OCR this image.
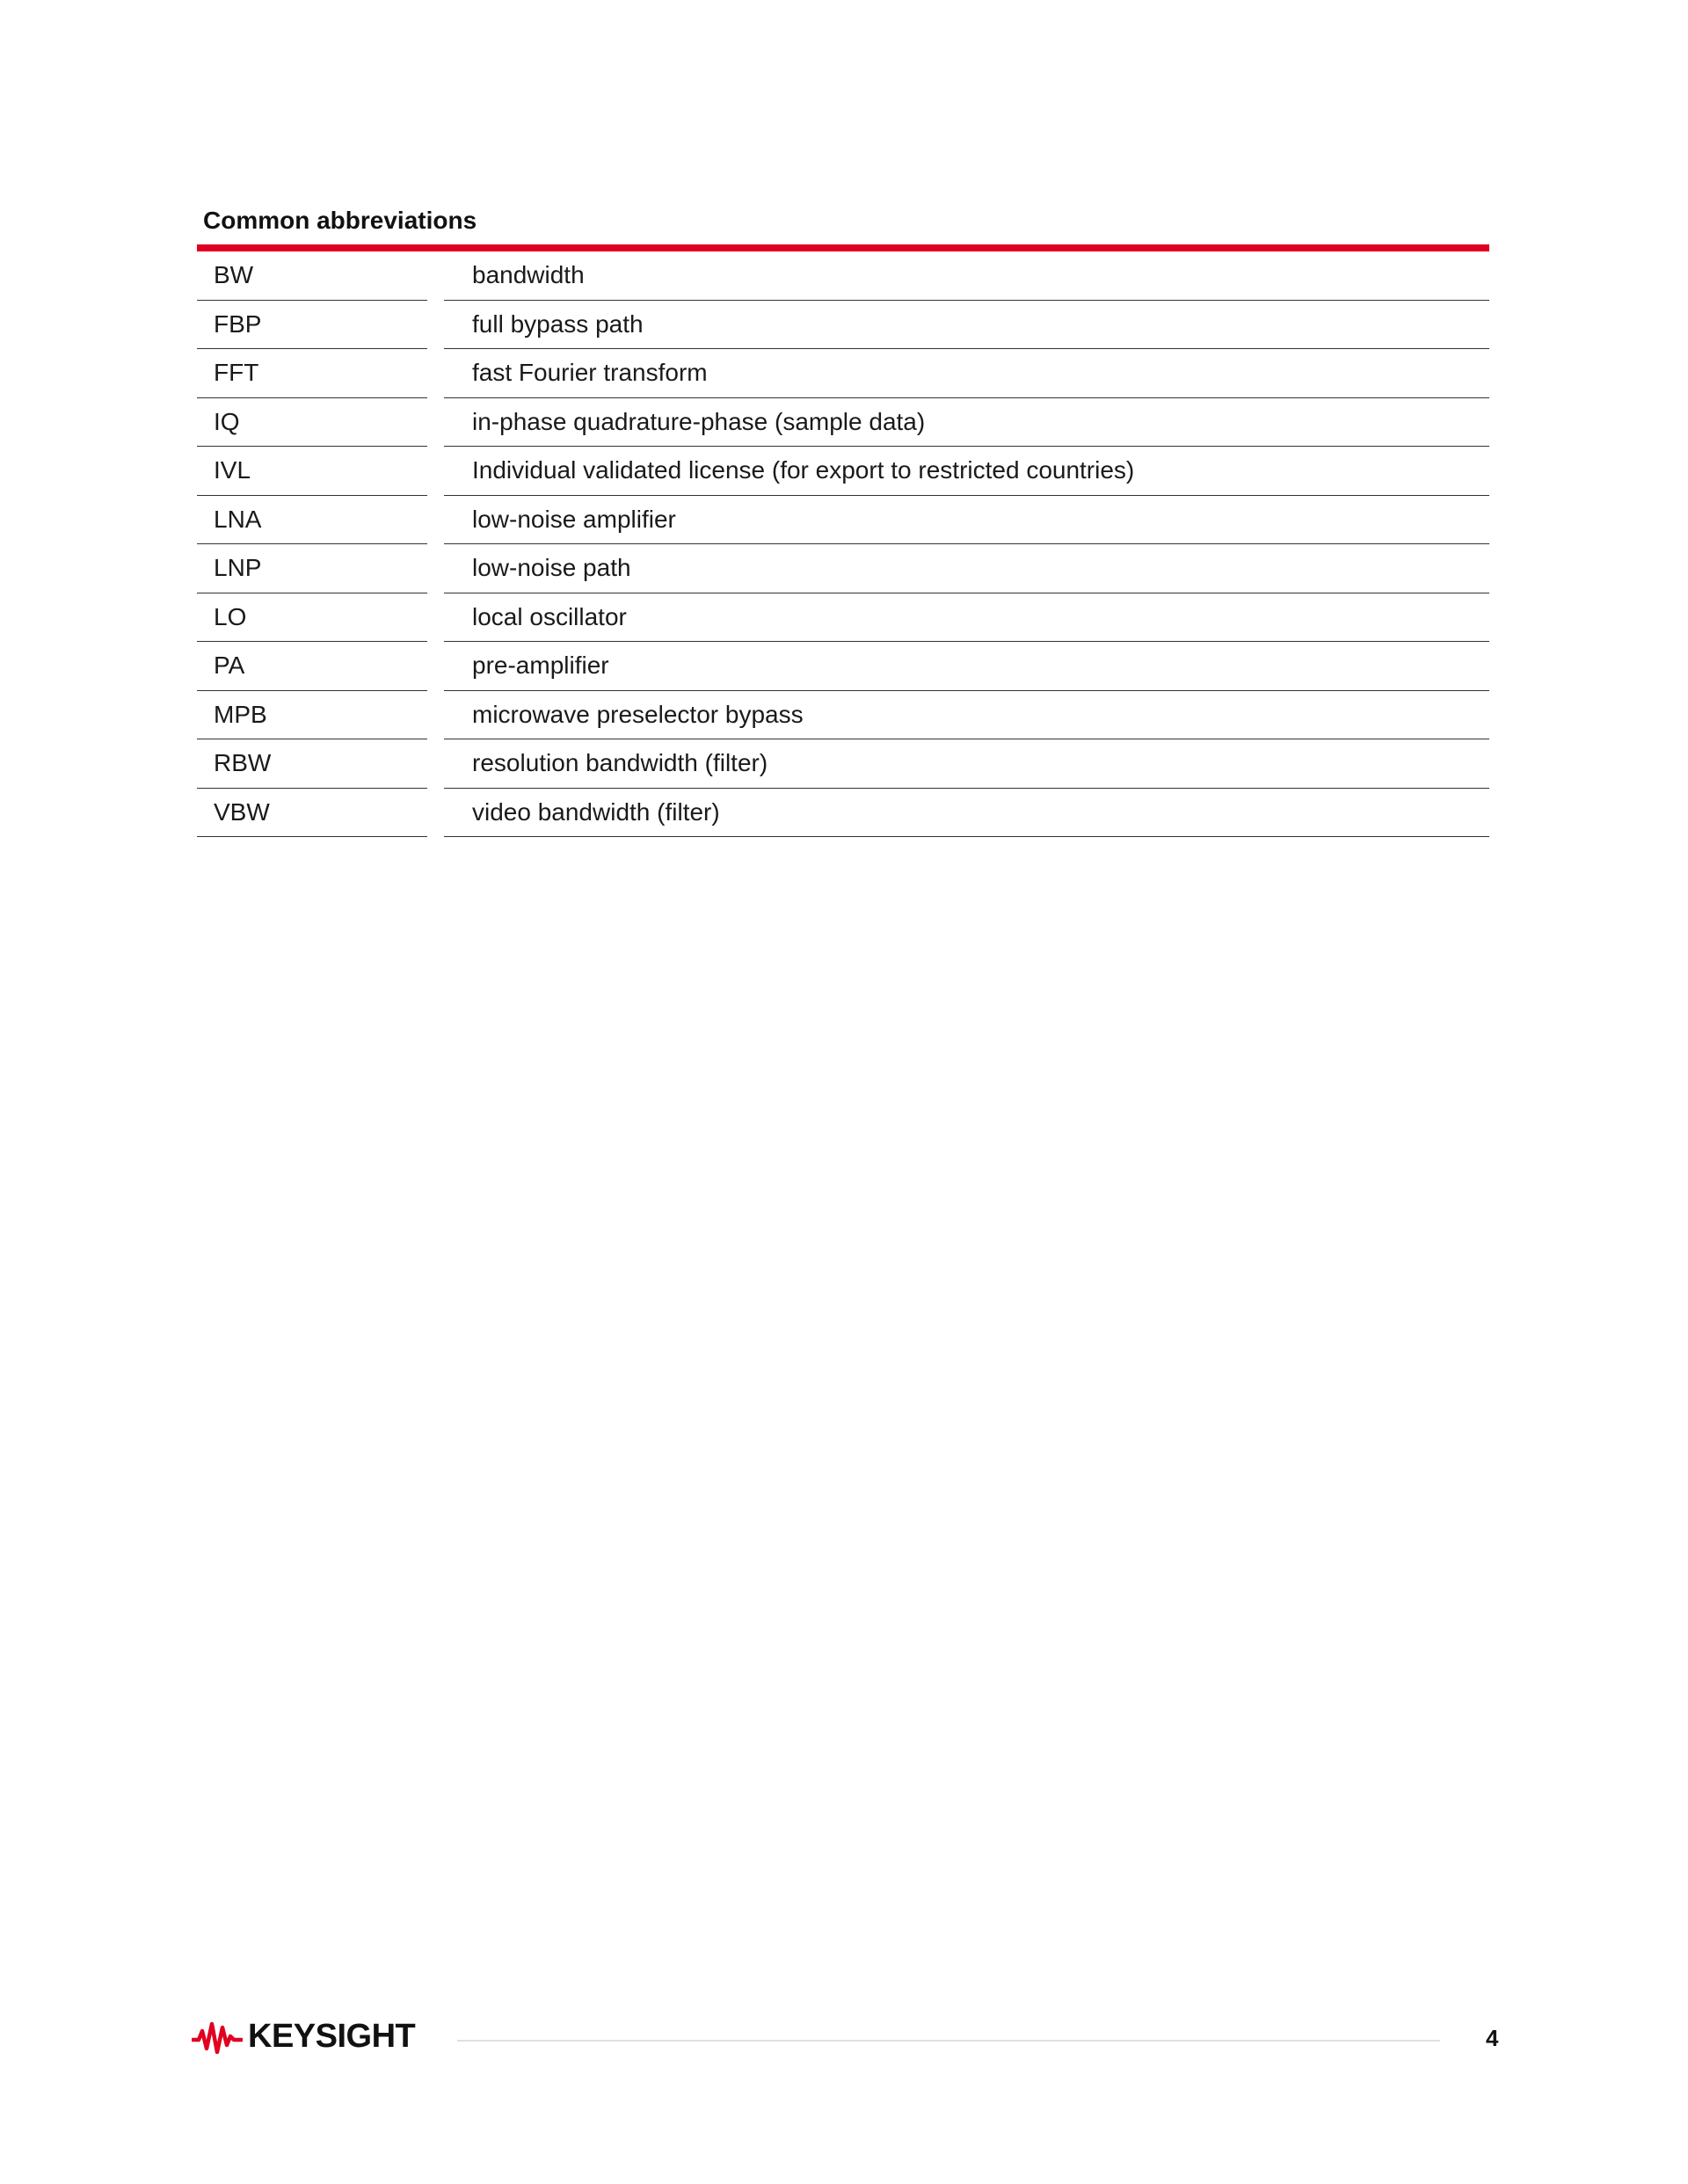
Common abbreviations
BW	bandwidth
FBP	full bypass path
FFT	fast Fourier transform
IQ	in-phase quadrature-phase (sample data)
IVL	Individual validated license (for export to restricted countries)
LNA	low-noise amplifier
LNP	low-noise path
LO	local oscillator
PA	pre-amplifier
MPB	microwave preselector bypass
RBW	resolution bandwidth (filter)
VBW	video bandwidth (filter)
KEYSIGHT	4
